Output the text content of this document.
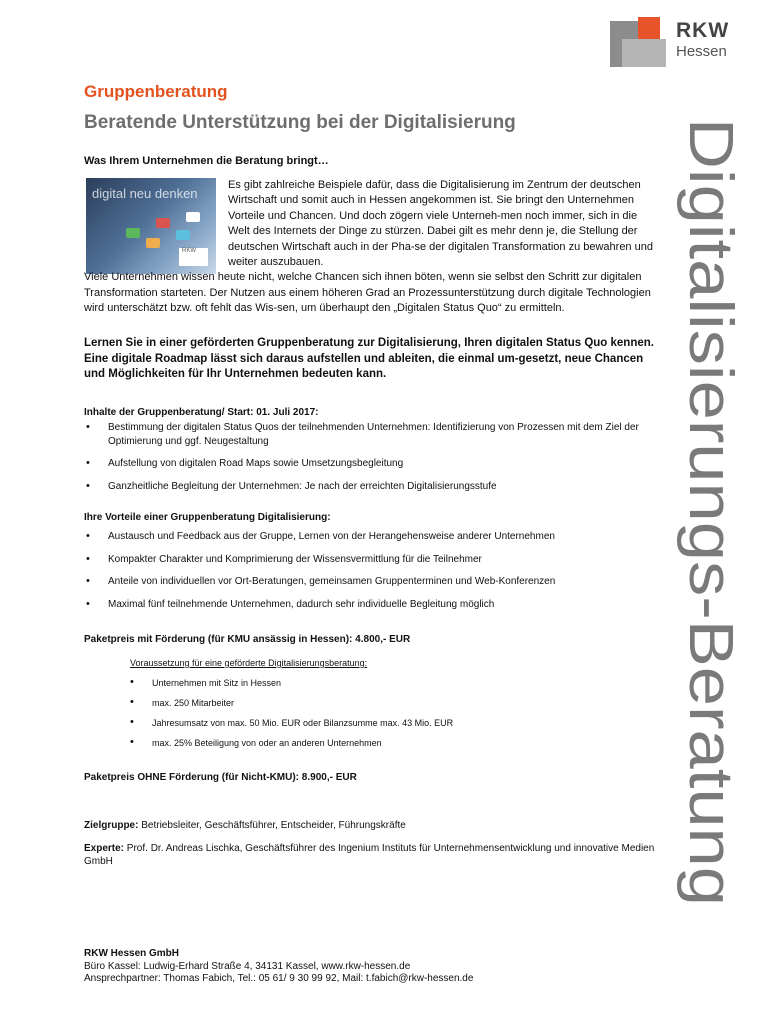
RKW
Hessen
Digitalisierungs-Beratung
Gruppenberatung
Beratende Unterstützung bei der Digitalisierung
Was Ihrem Unternehmen die Beratung bringt…
digital neu denken
RKW
Es gibt zahlreiche Beispiele dafür, dass die Digitalisierung im Zentrum der deutschen Wirtschaft und somit auch in Hessen angekommen ist. Sie bringt den Unternehmen Vorteile und Chancen. Und doch zögern viele Unterneh-men noch immer, sich in die Welt des Internets der Dinge zu stürzen. Dabei gilt es mehr denn je, die Stellung der deutschen Wirtschaft auch in der Pha-se der digitalen Transformation zu bewahren und weiter auszubauen.
Viele Unternehmen wissen heute nicht, welche Chancen sich ihnen böten, wenn sie selbst den Schritt zur digitalen Transformation starteten. Der Nutzen aus einem höheren Grad an Prozessunterstützung durch digitale Technologien wird unterschätzt bzw. oft fehlt das Wis-sen, um überhaupt den „Digitalen Status Quo“ zu ermitteln.
Lernen Sie in einer geförderten Gruppenberatung zur Digitalisierung, Ihren digitalen Status Quo kennen. Eine digitale Roadmap lässt sich daraus aufstellen und ableiten, die einmal um-gesetzt, neue Chancen und Möglichkeiten für Ihr Unternehmen bedeuten kann.
Inhalte der Gruppenberatung/ Start: 01. Juli 2017:
• Bestimmung der digitalen Status Quos der teilnehmenden Unternehmen: Identifizierung von Prozessen mit dem Ziel der Optimierung und ggf. Neugestaltung
• Aufstellung von digitalen Road Maps sowie Umsetzungsbegleitung
• Ganzheitliche Begleitung der Unternehmen: Je nach der erreichten Digitalisierungsstufe
Ihre Vorteile einer Gruppenberatung Digitalisierung:
• Austausch und Feedback aus der Gruppe, Lernen von der Herangehensweise anderer Unternehmen
• Kompakter Charakter und Komprimierung der Wissensvermittlung für die Teilnehmer
• Anteile von individuellen vor Ort-Beratungen, gemeinsamen Gruppenterminen und Web-Konferenzen
• Maximal fünf teilnehmende Unternehmen, dadurch sehr individuelle Begleitung möglich
Paketpreis mit Förderung (für KMU ansässig in Hessen): 4.800,- EUR
Voraussetzung für eine geförderte Digitalisierungsberatung:
• Unternehmen mit Sitz in Hessen
• max. 250 Mitarbeiter
• Jahresumsatz von max. 50 Mio. EUR oder Bilanzsumme max. 43 Mio. EUR
• max. 25% Beteiligung von oder an anderen Unternehmen
Paketpreis OHNE Förderung (für Nicht-KMU): 8.900,- EUR
Zielgruppe: Betriebsleiter, Geschäftsführer, Entscheider, Führungskräfte
Experte: Prof. Dr. Andreas Lischka, Geschäftsführer des Ingenium Instituts für Unternehmensentwicklung und innovative Medien GmbH
RKW Hessen GmbH
Büro Kassel: Ludwig-Erhard Straße 4, 34131 Kassel, www.rkw-hessen.de
Ansprechpartner: Thomas Fabich, Tel.: 05 61/ 9 30 99 92, Mail: t.fabich@rkw-hessen.de
